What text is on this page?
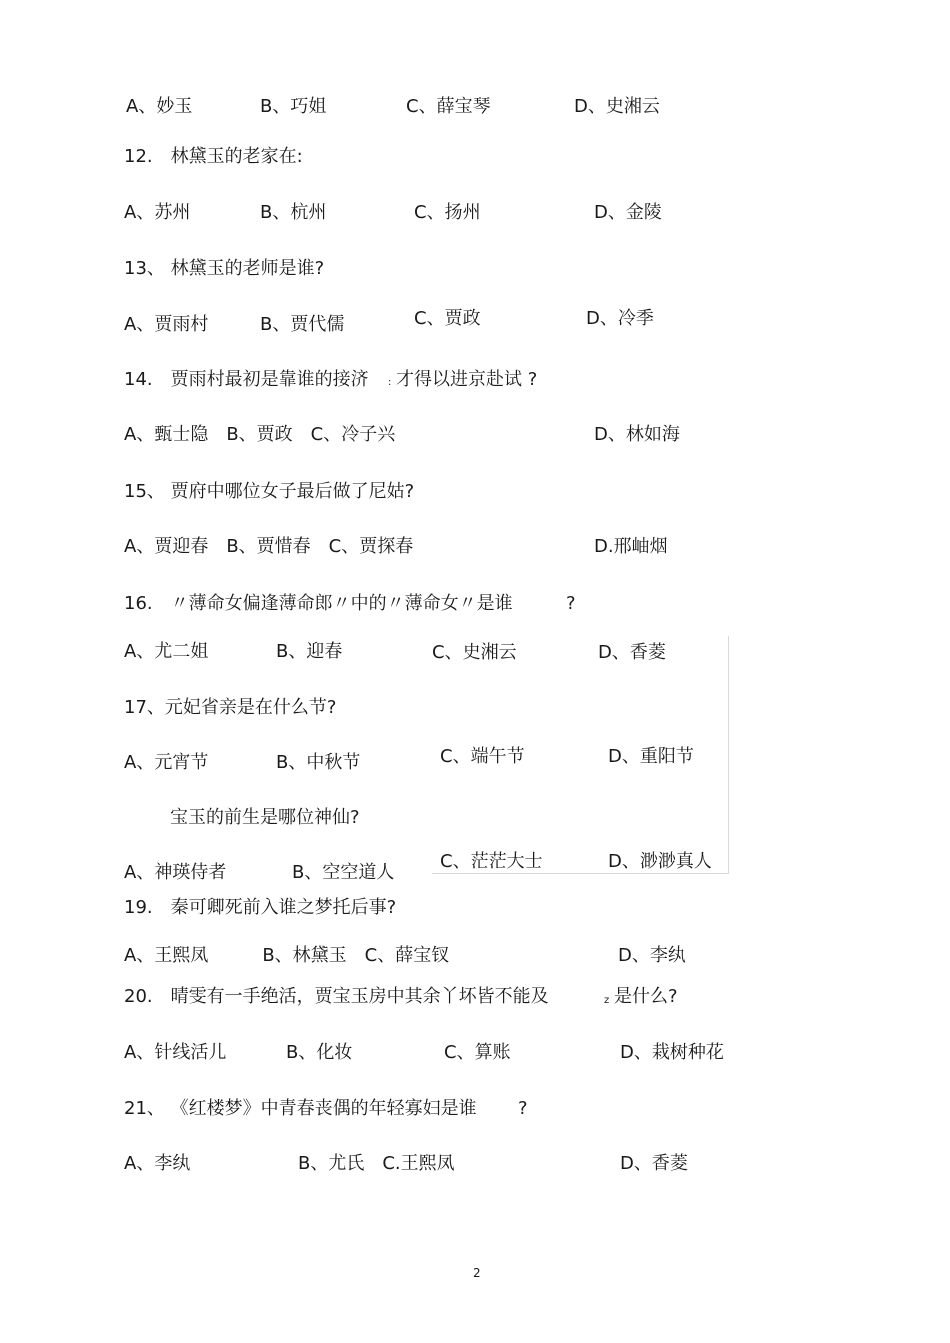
A、妙玉	B、巧姐	C、薛宝琴	D、史湘云
12.　林黛玉的老家在:
A、苏州	B、杭州	C、扬州	D、金陵
13、 林黛玉的老师是谁?
A、贾雨村	B、贾代儒	C、贾政	D、冷季
14.　贾雨村最初是靠谁的接济 : 才得以进京赴试 ?
A、甄士隐　B、贾政　C、冷子兴	D、林如海
15、 贾府中哪位女子最后做了尼姑?
A、贾迎春　B、贾惜春　C、贾探春	D.邢岫烟
16.　〃薄命女偏逢薄命郎〃中的〃薄命女〃是谁	?
A、尤二姐	B、迎春	C、史湘云	D、香菱
17、元妃省亲是在什么节?
A、元宵节	B、中秋节	C、端午节	D、重阳节
宝玉的前生是哪位神仙?
A、神瑛侍者	B、空空道人
C、茫茫大士	D、渺渺真人
19.　秦可卿死前入谁之梦托后事?
A、王熙凤　　　B、林黛玉　C、薛宝钗	D、李纨
20.　晴雯有一手绝活，贾宝玉房中其余丫坏皆不能及	z 是什么?
A、针线活儿	B、化妆	C、算账	D、栽树种花
21、 《红楼梦》中青春丧偶的年轻寡妇是谁 ?
A、李纨	B、尤氏　C.王熙凤	D、香菱
2
